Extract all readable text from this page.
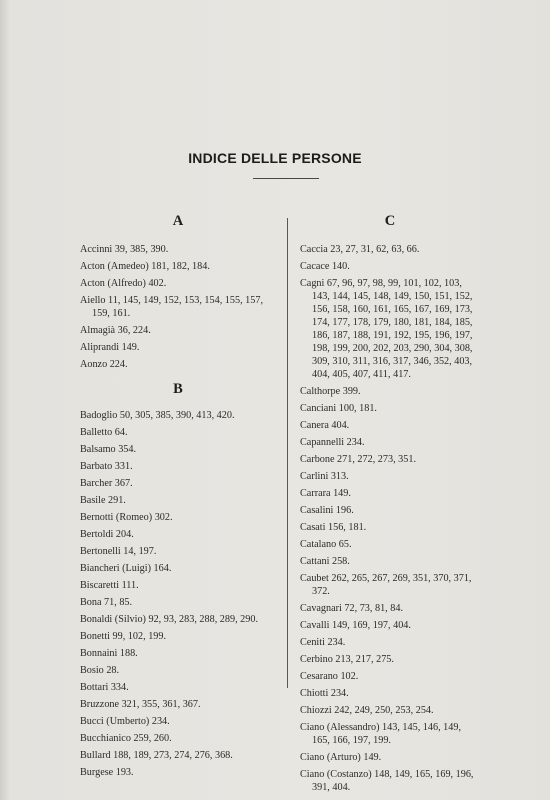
INDICE DELLE PERSONE
A
Accinni 39, 385, 390.
Acton (Amedeo) 181, 182, 184.
Acton (Alfredo) 402.
Aiello 11, 145, 149, 152, 153, 154, 155, 157, 159, 161.
Almagià 36, 224.
Aliprandi 149.
Aonzo 224.
B
Badoglio 50, 305, 385, 390, 413, 420.
Balletto 64.
Balsamo 354.
Barbato 331.
Barcher 367.
Basile 291.
Bernotti (Romeo) 302.
Bertoldi 204.
Bertonelli 14, 197.
Biancheri (Luigi) 164.
Biscaretti 111.
Bona 71, 85.
Bonaldi (Silvio) 92, 93, 283, 288, 289, 290.
Bonetti 99, 102, 199.
Bonnaini 188.
Bosio 28.
Bottari 334.
Bruzzone 321, 355, 361, 367.
Bucci (Umberto) 234.
Bucchianico 259, 260.
Bullard 188, 189, 273, 274, 276, 368.
Burgese 193.
C
Caccia 23, 27, 31, 62, 63, 66.
Cacace 140.
Cagni 67, 96, 97, 98, 99, 101, 102, 103, 143, 144, 145, 148, 149, 150, 151, 152, 156, 158, 160, 161, 165, 167, 169, 173, 174, 177, 178, 179, 180, 181, 184, 185, 186, 187, 188, 191, 192, 195, 196, 197, 198, 199, 200, 202, 203, 290, 304, 308, 309, 310, 311, 316, 317, 346, 352, 403, 404, 405, 407, 411, 417.
Calthorpe 399.
Canciani 100, 181.
Canera 404.
Capannelli 234.
Carbone 271, 272, 273, 351.
Carlini 313.
Carrara 149.
Casalini 196.
Casati 156, 181.
Catalano 65.
Cattani 258.
Caubet 262, 265, 267, 269, 351, 370, 371, 372.
Cavagnari 72, 73, 81, 84.
Cavalli 149, 169, 197, 404.
Ceniti 234.
Cerbino 213, 217, 275.
Cesarano 102.
Chiotti 234.
Chiozzi 242, 249, 250, 253, 254.
Ciano (Alessandro) 143, 145, 146, 149, 165, 166, 197, 199.
Ciano (Arturo) 149.
Ciano (Costanzo) 148, 149, 165, 169, 196, 391, 404.
